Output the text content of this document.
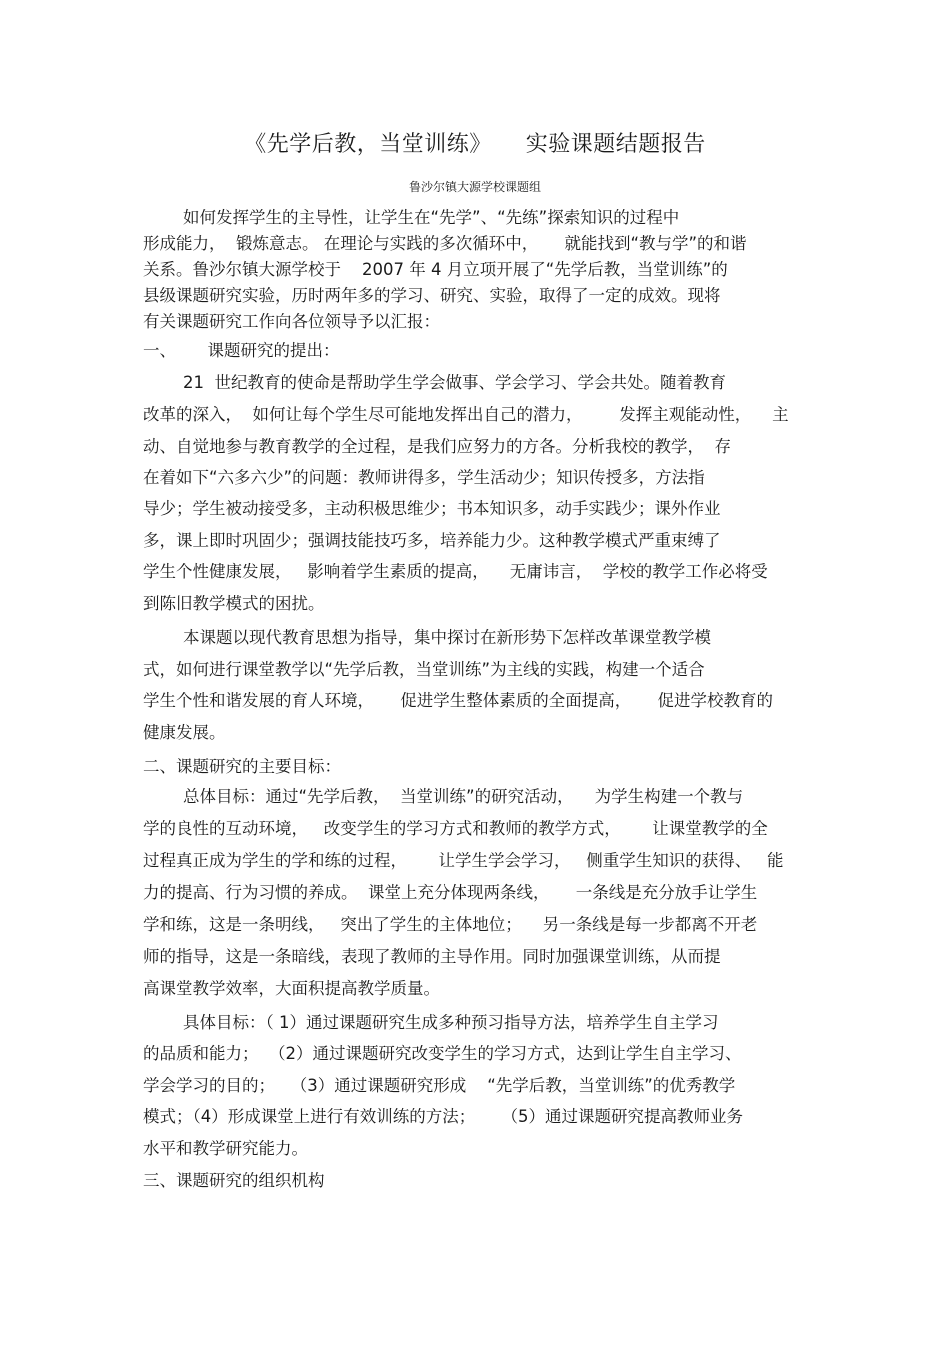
《先学后教，当堂训练》　　实验课题结题报告
鲁沙尔镇大源学校课题组
如何发挥学生的主导性，让学生在“先学”、“先练”探索知识的过程中
形成能力，  锻炼意志。 在理论与实践的多次循环中，     就能找到“教与学”的和谐
关系。鲁沙尔镇大源学校于    2007 年 4 月立项开展了“先学后教，当堂训练”的
县级课题研究实验，历时两年多的学习、研究、实验，取得了一定的成效。现将
有关课题研究工作向各位领导予以汇报：
一、      课题研究的提出：
21  世纪教育的使命是帮助学生学会做事、学会学习、学会共处。随着教育
改革的深入，  如何让每个学生尽可能地发挥出自己的潜力，       发挥主观能动性，    主
动、自觉地参与教育教学的全过程，是我们应努力的方各。分析我校的教学，  存
在着如下“六多六少”的问题：教师讲得多，学生活动少；知识传授多，方法指
导少；学生被动接受多，主动积极思维少；书本知识多，动手实践少；课外作业
多，课上即时巩固少；强调技能技巧多，培养能力少。这种教学模式严重束缚了
学生个性健康发展，   影响着学生素质的提高，    无庸讳言，  学校的教学工作必将受
到陈旧教学模式的困扰。
本课题以现代教育思想为指导，集中探讨在新形势下怎样改革课堂教学模
式，如何进行课堂教学以“先学后教，当堂训练”为主线的实践，构建一个适合
学生个性和谐发展的育人环境，     促进学生整体素质的全面提高，     促进学校教育的
健康发展。
二、课题研究的主要目标：
总体目标：通过“先学后教，  当堂训练”的研究活动，    为学生构建一个教与
学的良性的互动环境，   改变学生的学习方式和教师的教学方式，      让课堂教学的全
过程真正成为学生的学和练的过程，      让学生学会学习，   侧重学生知识的获得、   能
力的提高、行为习惯的养成。  课堂上充分体现两条线，     一条线是充分放手让学生
学和练，这是一条明线，   突出了学生的主体地位；    另一条线是每一步都离不开老
师的指导，这是一条暗线，表现了教师的主导作用。同时加强课堂训练，从而提
高课堂教学效率，大面积提高教学质量。
具体目标：（ 1）通过课题研究生成多种预习指导方法，培养学生自主学习
的品质和能力；  （2）通过课题研究改变学生的学习方式，达到让学生自主学习、
学会学习的目的；   （3）通过课题研究形成    “先学后教，当堂训练”的优秀教学
模式；（4）形成课堂上进行有效训练的方法；     （5）通过课题研究提高教师业务
水平和教学研究能力。
三、课题研究的组织机构
